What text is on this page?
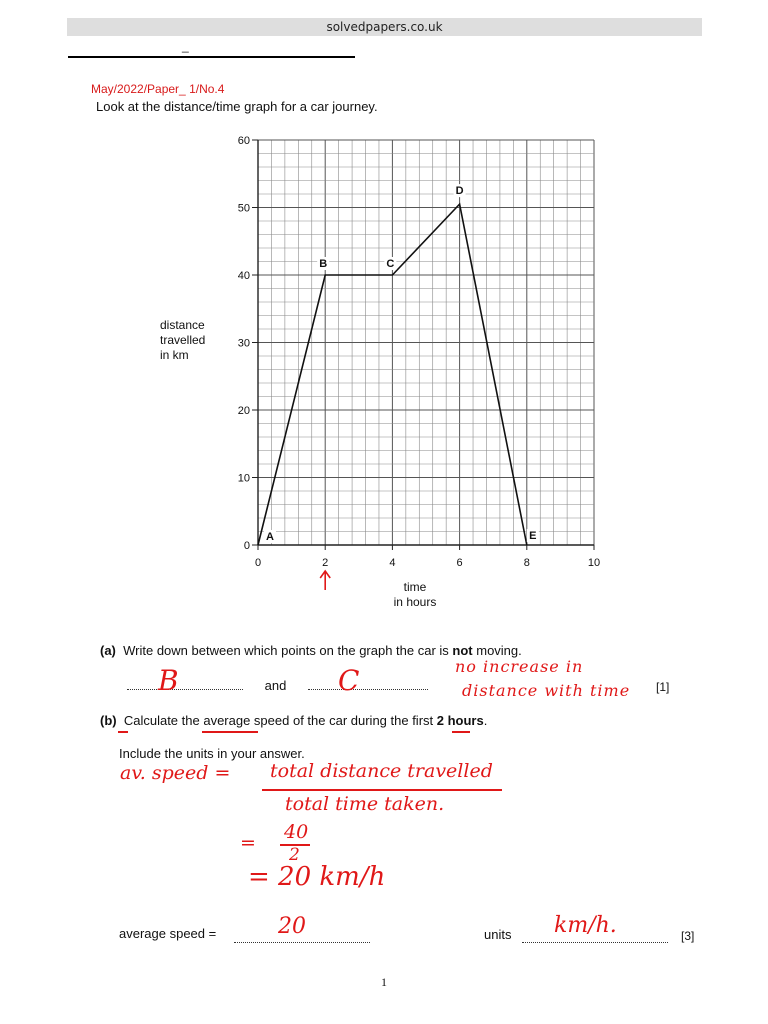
solvedpapers.co.uk
_
May/2022/Paper_ 1/No.4
Look at the distance/time graph for a car journey.
0
10
20
30
40
50
60
0	2	4	6	8	10
A
B	C
D
E
distance
travelled
in km
time
in hours
(a) Write down between which points on the graph the car is not moving.
and
B	C	no increase in
distance with time [1]
(b) Calculate the average speed of the car during the first 2 hours.
Include the units in your answer.
av. speed = total distance travelled
total time taken.
= 40
2
= 20 km/h
average speed =	20	units km/h.	[3]
1
